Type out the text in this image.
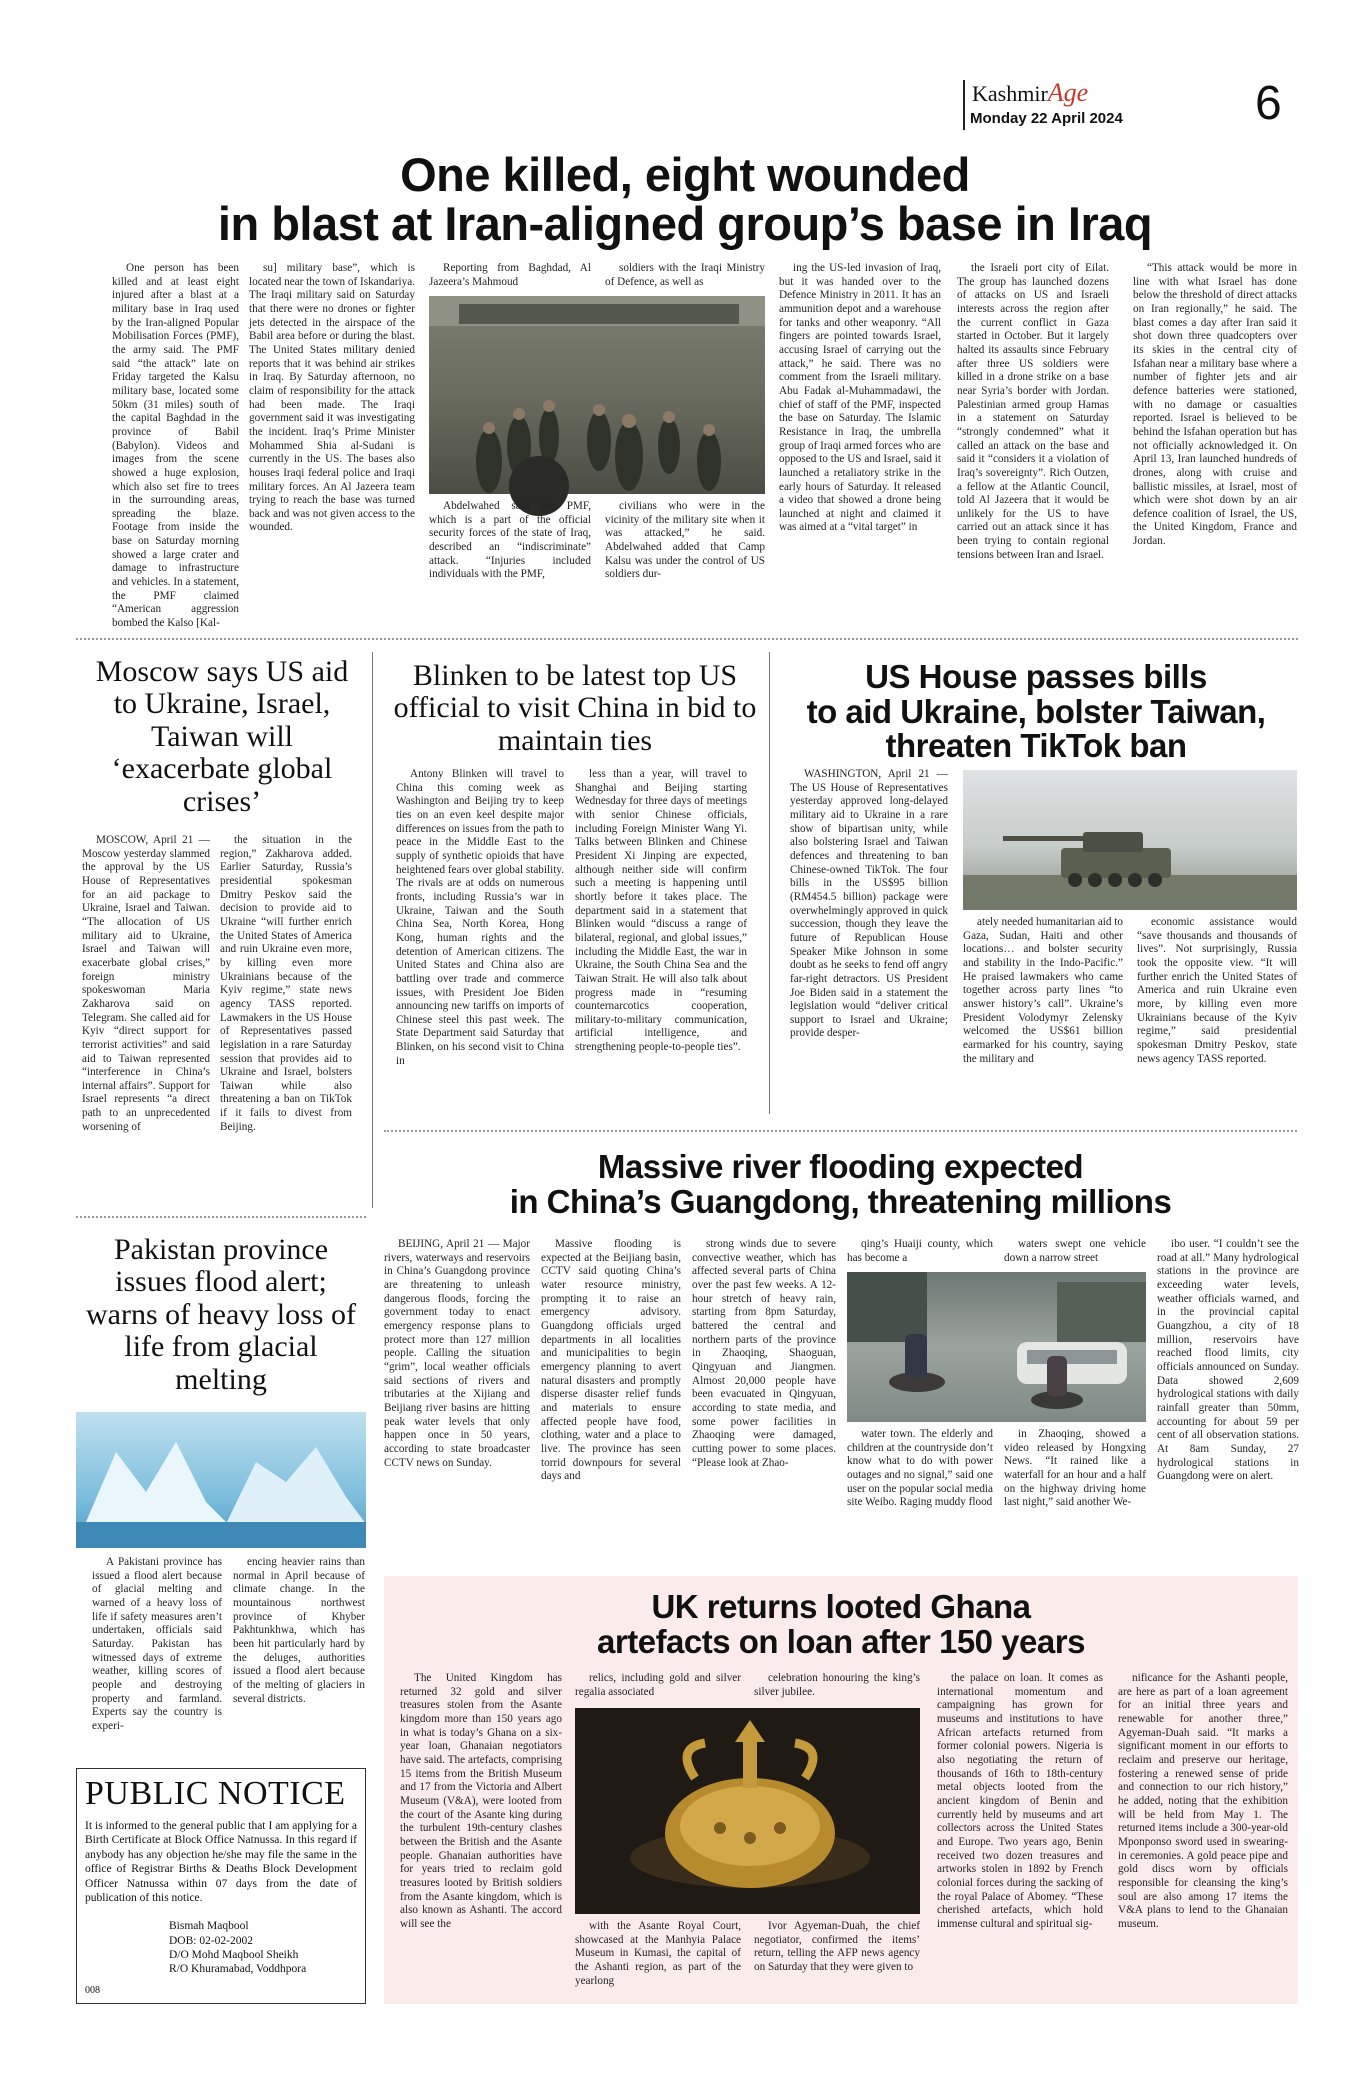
KashmirAge
Monday 22 April 2024	6
One killed, eight wounded
in blast at Iran-aligned group’s base in Iraq

One person has been killed and at least eight injured after a blast at a military base in Iraq used by the Iran-aligned Popular Mobilisation Forces (PMF), the army said. The PMF said “the attack” late on Friday targeted the Kalsu military base, located some 50km (31 miles) south of the capital Baghdad in the province of Babil (Babylon). Videos and images from the scene showed a huge explosion, which also set fire to trees in the surrounding areas, spreading the blaze. Footage from inside the base on Saturday morning showed a large crater and damage to infrastructure and vehicles. In a statement, the PMF claimed “American aggression bombed the Kalso [Kal-

su] military base”, which is located near the town of Iskandariya. The Iraqi military said on Saturday that there were no drones or fighter jets detected in the airspace of the Babil area before or during the blast. The United States military denied reports that it was behind air strikes in Iraq. By Saturday afternoon, no claim of responsibility for the attack had been made. The Iraqi government said it was investigating the incident. Iraq’s Prime Minister Mohammed Shia al-Sudani is currently in the US. The bases also houses Iraqi federal police and Iraqi military forces. An Al Jazeera team trying to reach the base was turned back and was not given access to the wounded.

Reporting from Baghdad, Al Jazeera’s Mahmoud

soldiers with the Iraqi Ministry of Defence, as well as

Abdelwahed said the PMF, which is a part of the official security forces of the state of Iraq, described an “indiscriminate” attack. “Injuries included individuals with the PMF,

civilians who were in the vicinity of the military site when it was attacked,” he said. Abdelwahed added that Camp Kalsu was under the control of US soldiers dur-

ing the US-led invasion of Iraq, but it was handed over to the Defence Ministry in 2011. It has an ammunition depot and a warehouse for tanks and other weaponry. “All fingers are pointed towards Israel, accusing Israel of carrying out the attack,” he said. There was no comment from the Israeli military. Abu Fadak al-Muhammadawi, the chief of staff of the PMF, inspected the base on Saturday. The Islamic Resistance in Iraq, the umbrella group of Iraqi armed forces who are opposed to the US and Israel, said it launched a retaliatory strike in the early hours of Saturday. It released a video that showed a drone being launched at night and claimed it was aimed at a “vital target” in

the Israeli port city of Eilat. The group has launched dozens of attacks on US and Israeli interests across the region after the current conflict in Gaza started in October. But it largely halted its assaults since February after three US soldiers were killed in a drone strike on a base near Syria’s border with Jordan. Palestinian armed group Hamas in a statement on Saturday “strongly condemned” what it called an attack on the base and said it “considers it a violation of Iraq’s sovereignty”. Rich Outzen, a fellow at the Atlantic Council, told Al Jazeera that it would be unlikely for the US to have carried out an attack since it has been trying to contain regional tensions between Iran and Israel.

“This attack would be more in line with what Israel has done below the threshold of direct attacks on Iran regionally,” he said. The blast comes a day after Iran said it shot down three quadcopters over its skies in the central city of Isfahan near a military base where a number of fighter jets and air defence batteries were stationed, with no damage or casualties reported. Israel is believed to be behind the Isfahan operation but has not officially acknowledged it. On April 13, Iran launched hundreds of drones, along with cruise and ballistic missiles, at Israel, most of which were shot down by an air defence coalition of Israel, the US, the United Kingdom, France and Jordan.

Moscow says US aid to Ukraine, Israel, Taiwan will ‘exacerbate global crises’

MOSCOW, April 21 — Moscow yesterday slammed the approval by the US House of Representatives for an aid package to Ukraine, Israel and Taiwan. “The allocation of US military aid to Ukraine, Israel and Taiwan will exacerbate global crises,” foreign ministry spokeswoman Maria Zakharova said on Telegram. She called aid for Kyiv “direct support for terrorist activities” and said aid to Taiwan represented “interference in China’s internal affairs”. Support for Israel represents “a direct path to an unprecedented worsening of

the situation in the region,” Zakharova added. Earlier Saturday, Russia’s presidential spokesman Dmitry Peskov said the decision to provide aid to Ukraine “will further enrich the United States of America and ruin Ukraine even more, by killing even more Ukrainians because of the Kyiv regime,” state news agency TASS reported. Lawmakers in the US House of Representatives passed legislation in a rare Saturday session that provides aid to Ukraine and Israel, bolsters Taiwan while also threatening a ban on TikTok if it fails to divest from Beijing.

Blinken to be latest top US official to visit China in bid to maintain ties

Antony Blinken will travel to China this coming week as Washington and Beijing try to keep ties on an even keel despite major differences on issues from the path to peace in the Middle East to the supply of synthetic opioids that have heightened fears over global stability. The rivals are at odds on numerous fronts, including Russia’s war in Ukraine, Taiwan and the South China Sea, North Korea, Hong Kong, human rights and the detention of American citizens. The United States and China also are battling over trade and commerce issues, with President Joe Biden announcing new tariffs on imports of Chinese steel this past week. The State Department said Saturday that Blinken, on his second visit to China in

less than a year, will travel to Shanghai and Beijing starting Wednesday for three days of meetings with senior Chinese officials, including Foreign Minister Wang Yi. Talks between Blinken and Chinese President Xi Jinping are expected, although neither side will confirm such a meeting is happening until shortly before it takes place. The department said in a statement that Blinken would “discuss a range of bilateral, regional, and global issues,” including the Middle East, the war in Ukraine, the South China Sea and the Taiwan Strait. He will also talk about progress made in “resuming counternarcotics cooperation, military-to-military communication, artificial intelligence, and strengthening people-to-people ties”.

US House passes bills
to aid Ukraine, bolster Taiwan,
threaten TikTok ban

WASHINGTON, April 21 — The US House of Representatives yesterday approved long-delayed military aid to Ukraine in a rare show of bipartisan unity, while also bolstering Israel and Taiwan defences and threatening to ban Chinese-owned TikTok. The four bills in the US$95 billion (RM454.5 billion) package were overwhelmingly approved in quick succession, though they leave the future of Republican House Speaker Mike Johnson in some doubt as he seeks to fend off angry far-right detractors. US President Joe Biden said in a statement the legislation would “deliver critical support to Israel and Ukraine; provide desper-

ately needed humanitarian aid to Gaza, Sudan, Haiti and other locations… and bolster security and stability in the Indo-Pacific.” He praised lawmakers who came together across party lines “to answer history’s call”. Ukraine’s President Volodymyr Zelensky welcomed the US$61 billion earmarked for his country, saying the military and

economic assistance would “save thousands and thousands of lives”. Not surprisingly, Russia took the opposite view. “It will further enrich the United States of America and ruin Ukraine even more, by killing even more Ukrainians because of the Kyiv regime,” said presidential spokesman Dmitry Peskov, state news agency TASS reported.

Massive river flooding expected
in China’s Guangdong, threatening millions

BEIJING, April 21 — Major rivers, waterways and reservoirs in China’s Guangdong province are threatening to unleash dangerous floods, forcing the government today to enact emergency response plans to protect more than 127 million people. Calling the situation “grim”, local weather officials said sections of rivers and tributaries at the Xijiang and Beijiang river basins are hitting peak water levels that only happen once in 50 years, according to state broadcaster CCTV news on Sunday.

Massive flooding is expected at the Beijiang basin, CCTV said quoting China’s water resource ministry, prompting it to raise an emergency advisory. Guangdong officials urged departments in all localities and municipalities to begin emergency planning to avert natural disasters and promptly disperse disaster relief funds and materials to ensure affected people have food, clothing, water and a place to live. The province has seen torrid downpours for several days and

strong winds due to severe convective weather, which has affected several parts of China over the past few weeks. A 12-hour stretch of heavy rain, starting from 8pm Saturday, battered the central and northern parts of the province in Zhaoqing, Shaoguan, Qingyuan and Jiangmen. Almost 20,000 people have been evacuated in Qingyuan, according to state media, and some power facilities in Zhaoqing were damaged, cutting power to some places. “Please look at Zhao-

qing’s Huaiji county, which has become a

waters swept one vehicle down a narrow street

water town. The elderly and children at the countryside don’t know what to do with power outages and no signal,” said one user on the popular social media site Weibo. Raging muddy flood

in Zhaoqing, showed a video released by Hongxing News. “It rained like a waterfall for an hour and a half on the highway driving home last night,” said another We-

ibo user. “I couldn’t see the road at all.” Many hydrological stations in the province are exceeding water levels, weather officials warned, and in the provincial capital Guangzhou, a city of 18 million, reservoirs have reached flood limits, city officials announced on Sunday. Data showed 2,609 hydrological stations with daily rainfall greater than 50mm, accounting for about 59 per cent of all observation stations. At 8am Sunday, 27 hydrological stations in Guangdong were on alert.

Pakistan province issues flood alert; warns of heavy loss of life from glacial melting

A Pakistani province has issued a flood alert because of glacial melting and warned of a heavy loss of life if safety measures aren’t undertaken, officials said Saturday. Pakistan has witnessed days of extreme weather, killing scores of people and destroying property and farmland. Experts say the country is experi-

encing heavier rains than normal in April because of climate change. In the mountainous northwest province of Khyber Pakhtunkhwa, which has been hit particularly hard by the deluges, authorities issued a flood alert because of the melting of glaciers in several districts.

PUBLIC NOTICE
It is informed to the general public that I am applying for a Birth Certificate at Block Office Natnussa. In this regard if anybody has any objection he/she may file the same in the office of Registrar Births & Deaths Block Development Officer Natnussa within 07 days from the date of publication of this notice.
Bismah Maqbool
DOB: 02-02-2002
D/O Mohd Maqbool Sheikh
R/O Khuramabad, Voddhpora
008
UK returns looted Ghana
artefacts on loan after 150 years

The United Kingdom has returned 32 gold and silver treasures stolen from the Asante kingdom more than 150 years ago in what is today’s Ghana on a six-year loan, Ghanaian negotiators have said. The artefacts, comprising 15 items from the British Museum and 17 from the Victoria and Albert Museum (V&A), were looted from the court of the Asante king during the turbulent 19th-century clashes between the British and the Asante people. Ghanaian authorities have for years tried to reclaim gold treasures looted by British soldiers from the Asante kingdom, which is also known as Ashanti. The accord will see the

relics, including gold and silver regalia associated

celebration honouring the king’s silver jubilee.

with the Asante Royal Court, showcased at the Manhyia Palace Museum in Kumasi, the capital of the Ashanti region, as part of the yearlong

Ivor Agyeman-Duah, the chief negotiator, confirmed the items’ return, telling the AFP news agency on Saturday that they were given to

the palace on loan. It comes as international momentum and campaigning has grown for museums and institutions to have African artefacts returned from former colonial powers. Nigeria is also negotiating the return of thousands of 16th to 18th-century metal objects looted from the ancient kingdom of Benin and currently held by museums and art collectors across the United States and Europe. Two years ago, Benin received two dozen treasures and artworks stolen in 1892 by French colonial forces during the sacking of the royal Palace of Abomey. “These cherished artefacts, which hold immense cultural and spiritual sig-

nificance for the Ashanti people, are here as part of a loan agreement for an initial three years and renewable for another three,” Agyeman-Duah said. “It marks a significant moment in our efforts to reclaim and preserve our heritage, fostering a renewed sense of pride and connection to our rich history,” he added, noting that the exhibition will be held from May 1. The returned items include a 300-year-old Mponponso sword used in swearing-in ceremonies. A gold peace pipe and gold discs worn by officials responsible for cleansing the king’s soul are also among 17 items the V&A plans to lend to the Ghanaian museum.
